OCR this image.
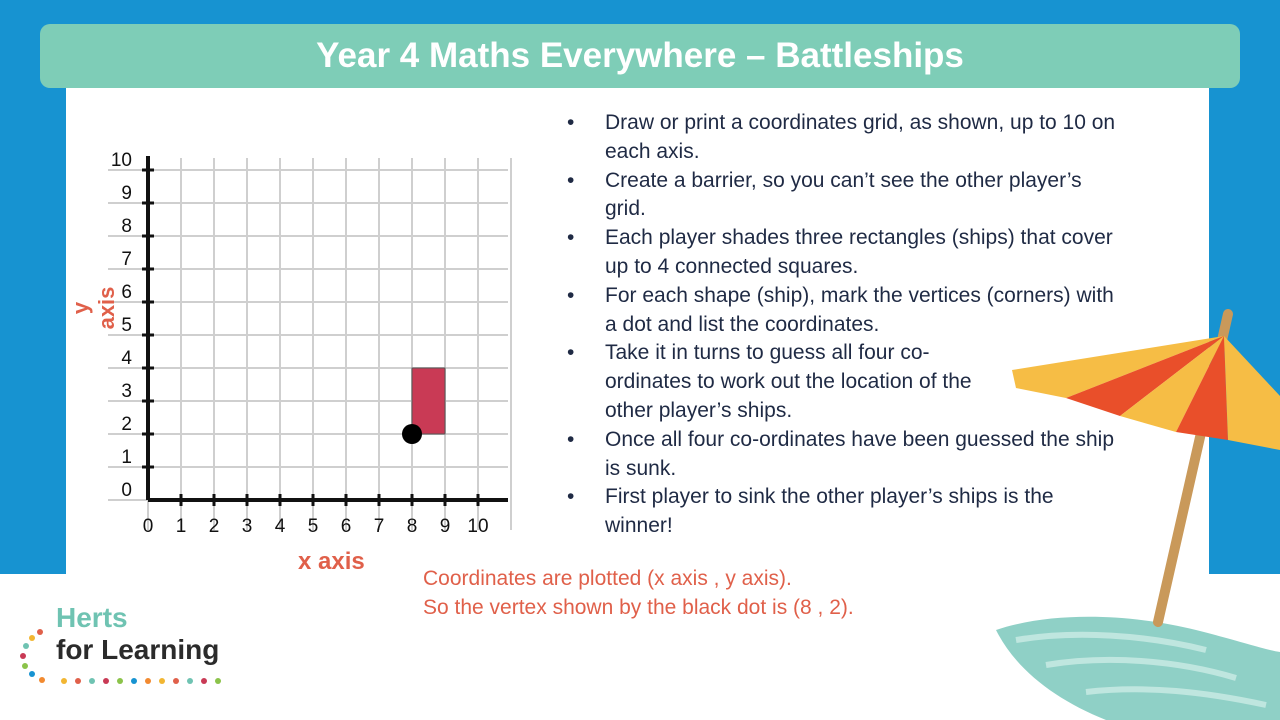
Year 4 Maths Everywhere – Battleships
0 1 2 3 4 5 6 7 8 9 10
0
1
2
3
4
5
6
7
8
9
10
y axis
x axis
• Draw or print a coordinates grid, as shown, up to 10 on each axis.
• Create a barrier, so you can’t see the other player’s grid.
• Each player shades three rectangles (ships) that cover up to 4 connected squares.
• For each shape (ship), mark the vertices (corners) with a dot and list the coordinates.
• Take it in turns to guess all four co-ordinates to work out the location of the other player’s ships.
• Once all four co-ordinates have been guessed the ship is sunk.
• First player to sink the other player’s ships is the winner!
Coordinates are plotted (x axis , y axis).
So the vertex shown by the black dot is (8 , 2).
Herts
for Learning
